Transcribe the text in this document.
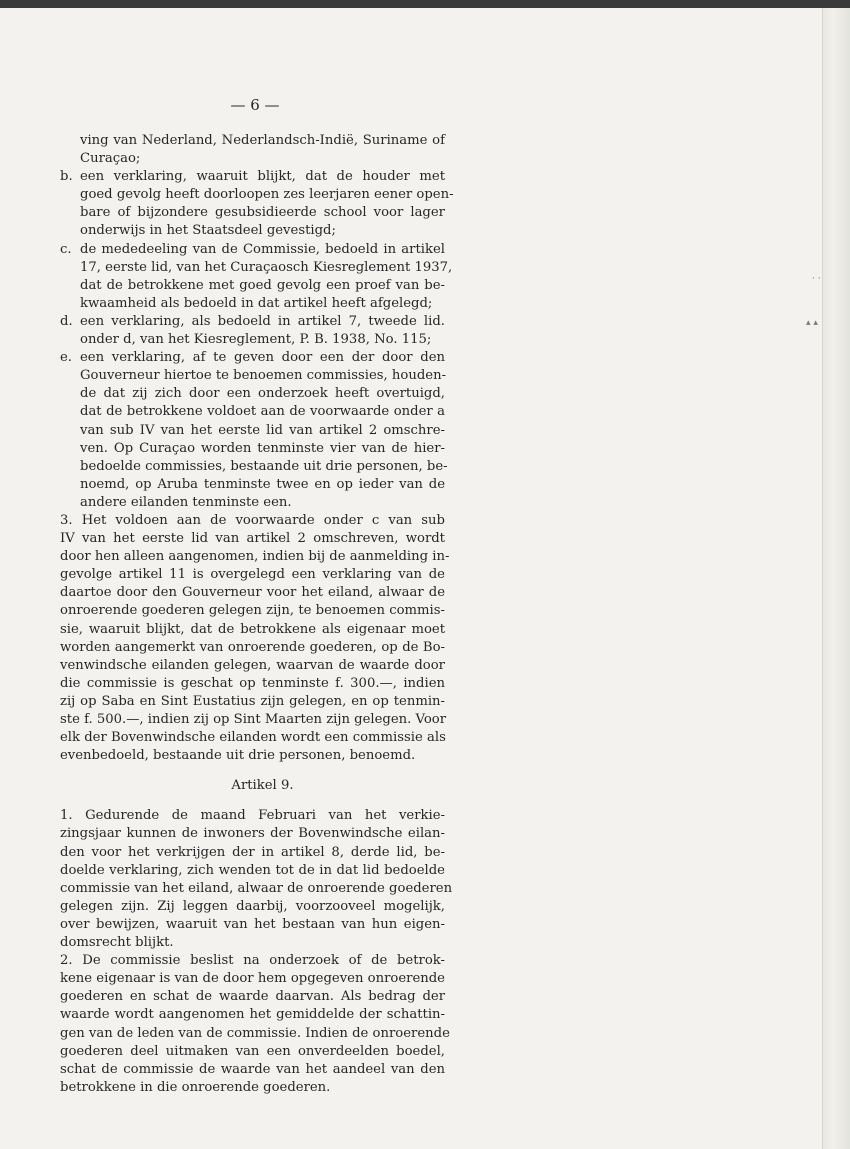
— 6 —
ving van Nederland, Nederlandsch-Indië, Suriname of
Curaçao;
b. een verklaring, waaruit blijkt, dat de houder met
goed gevolg heeft doorloopen zes leerjaren eener open-
bare of bijzondere gesubsidieerde school voor lager
onderwijs in het Staatsdeel gevestigd;
c. de mededeeling van de Commissie, bedoeld in artikel
17, eerste lid, van het Curaçaosch Kiesreglement 1937,
dat de betrokkene met goed gevolg een proef van be-
kwaamheid als bedoeld in dat artikel heeft afgelegd;
d. een verklaring, als bedoeld in artikel 7, tweede lid.
onder d, van het Kiesreglement, P. B. 1938, No. 115;
e. een verklaring, af te geven door een der door den
Gouverneur hiertoe te benoemen commissies, houden-
de dat zij zich door een onderzoek heeft overtuigd,
dat de betrokkene voldoet aan de voorwaarde onder a
van sub IV van het eerste lid van artikel 2 omschre-
ven. Op Curaçao worden tenminste vier van de hier-
bedoelde commissies, bestaande uit drie personen, be-
noemd, op Aruba tenminste twee en op ieder van de
andere eilanden tenminste een.
3. Het voldoen aan de voorwaarde onder c van sub
IV van het eerste lid van artikel 2 omschreven, wordt
door hen alleen aangenomen, indien bij de aanmelding in-
gevolge artikel 11 is overgelegd een verklaring van de
daartoe door den Gouverneur voor het eiland, alwaar de
onroerende goederen gelegen zijn, te benoemen commis-
sie, waaruit blijkt, dat de betrokkene als eigenaar moet
worden aangemerkt van onroerende goederen, op de Bo-
venwindsche eilanden gelegen, waarvan de waarde door
die commissie is geschat op tenminste f. 300.—, indien
zij op Saba en Sint Eustatius zijn gelegen, en op tenmin-
ste f. 500.—, indien zij op Sint Maarten zijn gelegen. Voor
elk der Bovenwindsche eilanden wordt een commissie als
evenbedoeld, bestaande uit drie personen, benoemd.
Artikel 9.
1. Gedurende de maand Februari van het verkie-
zingsjaar kunnen de inwoners der Bovenwindsche eilan-
den voor het verkrijgen der in artikel 8, derde lid, be-
doelde verklaring, zich wenden tot de in dat lid bedoelde
commissie van het eiland, alwaar de onroerende goederen
gelegen zijn. Zij leggen daarbij, voorzooveel mogelijk,
over bewijzen, waaruit van het bestaan van hun eigen-
domsrecht blijkt.
2. De commissie beslist na onderzoek of de betrok-
kene eigenaar is van de door hem opgegeven onroerende
goederen en schat de waarde daarvan. Als bedrag der
waarde wordt aangenomen het gemiddelde der schattin-
gen van de leden van de commissie. Indien de onroerende
goederen deel uitmaken van een onverdeelden boedel,
schat de commissie de waarde van het aandeel van den
betrokkene in die onroerende goederen.
· ·
▴ ▴
